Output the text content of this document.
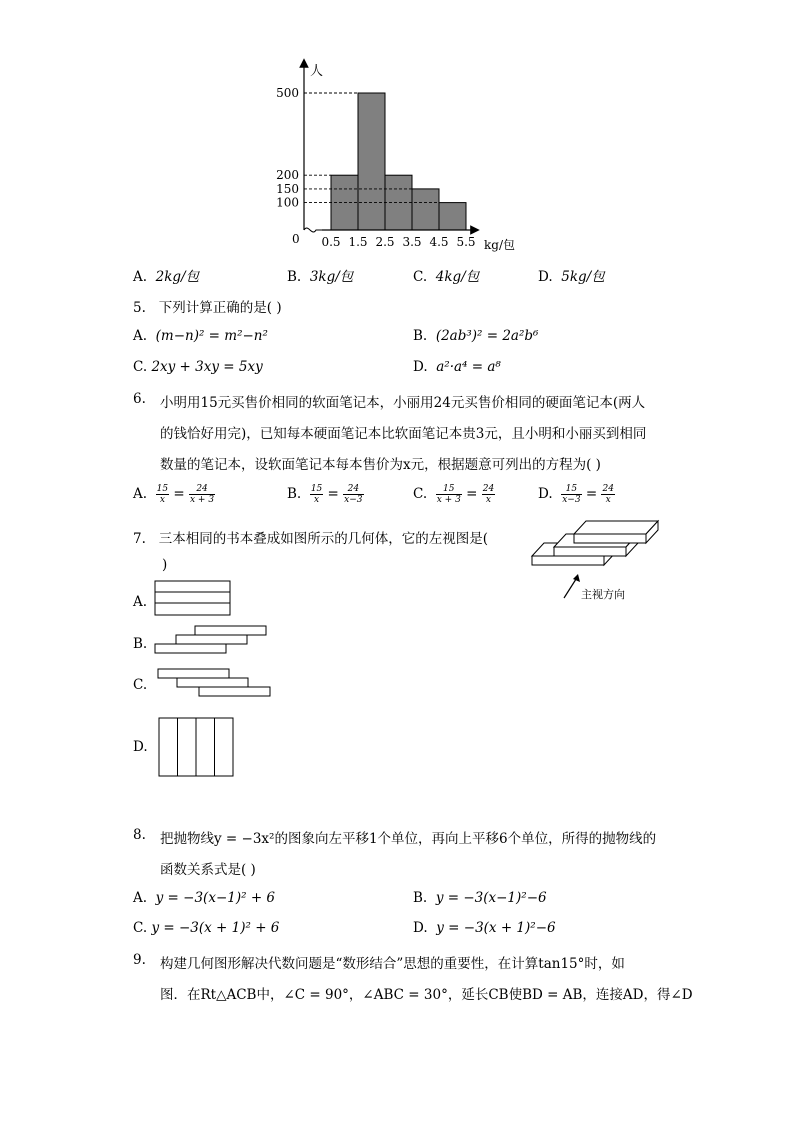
人
kg/包
0 0.5 1.5 2.5 3.5 4.5 5.5
500
200
150
100
A. 2kg/包	B. 3kg/包	C. 4kg/包	D. 5kg/包
5. 下列计算正确的是( )
A. (m−n)² = m²−n²	B. (2ab³)² = 2a²b⁶
C. 2xy + 3xy = 5xy	D. a²·a⁴ = a⁸
6. 小明用15元买售价相同的软面笔记本，小丽用24元买售价相同的硬面笔记本(两人
的钱恰好用完)，已知每本硬面笔记本比软面笔记本贵3元，且小明和小丽买到相同
数量的笔记本，设软面笔记本每本售价为x元，根据题意可列出的方程为( )
A. $\frac{15}{x} = \frac{24}{x + 3}$	B. $\frac{15}{x} = \frac{24}{x-3}$	C. $\frac{15}{x + 3} = \frac{24}{x}$	D. $\frac{15}{x-3} = \frac{24}{x}$
7. 三本相同的书本叠成如图所示的几何体，它的左视图是(
)
主视方向
A.
B.
C.
D.
8. 把抛物线y = −3x²的图象向左平移1个单位，再向上平移6个单位，所得的抛物线的
函数关系式是( )
A. y = −3(x−1)² + 6	B. y = −3(x−1)²−6
C. y = −3(x + 1)² + 6	D. y = −3(x + 1)²−6
9. 构建几何图形解决代数问题是“数形结合”思想的重要性，在计算tan15°时，如
图．在Rt△ACB中，∠C = 90°，∠ABC = 30°，延长CB使BD = AB，连接AD，得∠D
